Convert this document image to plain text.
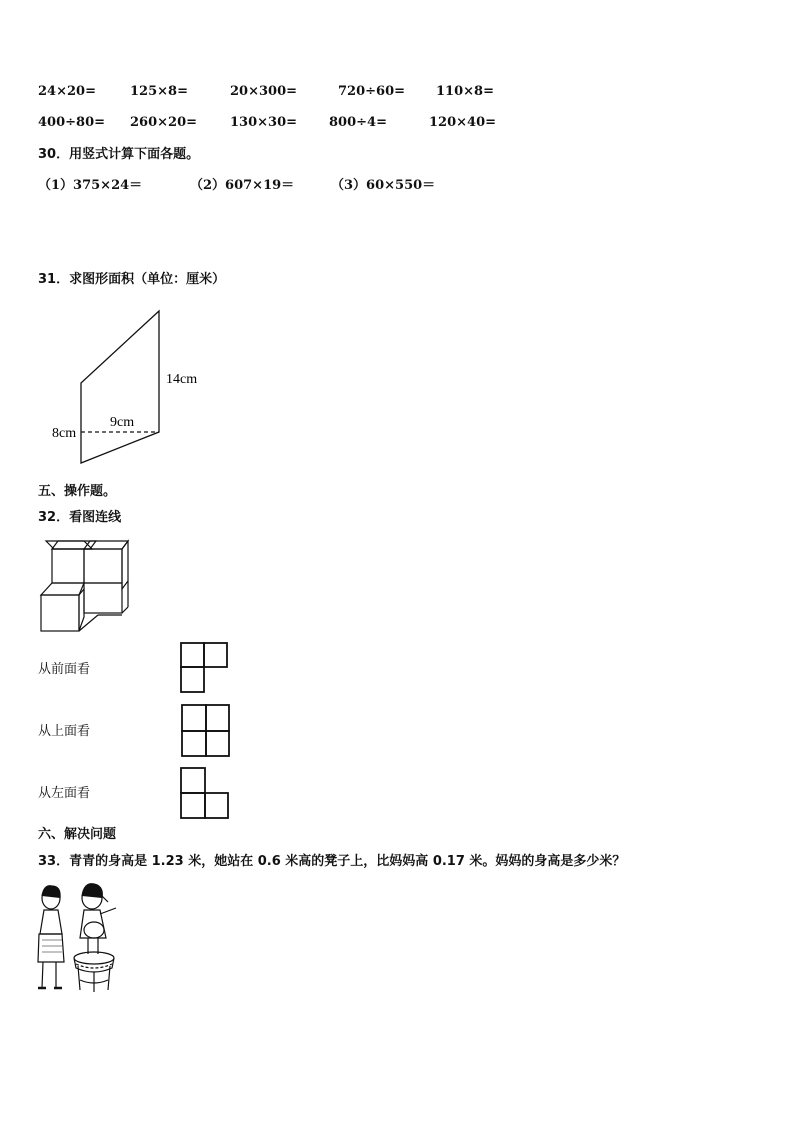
24×20=	125×8=	20×300=	720÷60= 110×8=
400÷80= 260×20=	130×30= 800÷4=	120×40=
30．用竖式计算下面各题。
（1）375×24＝	（2）607×19＝	（3）60×550＝
31．求图形面积（单位：厘米）
14cm
9cm
8cm
五、操作题。
32．看图连线
从前面看
从上面看
从左面看
六、解决问题
33．青青的身高是 1.23 米，她站在 0.6 米高的凳子上，比妈妈高 0.17 米。妈妈的身高是多少米？
